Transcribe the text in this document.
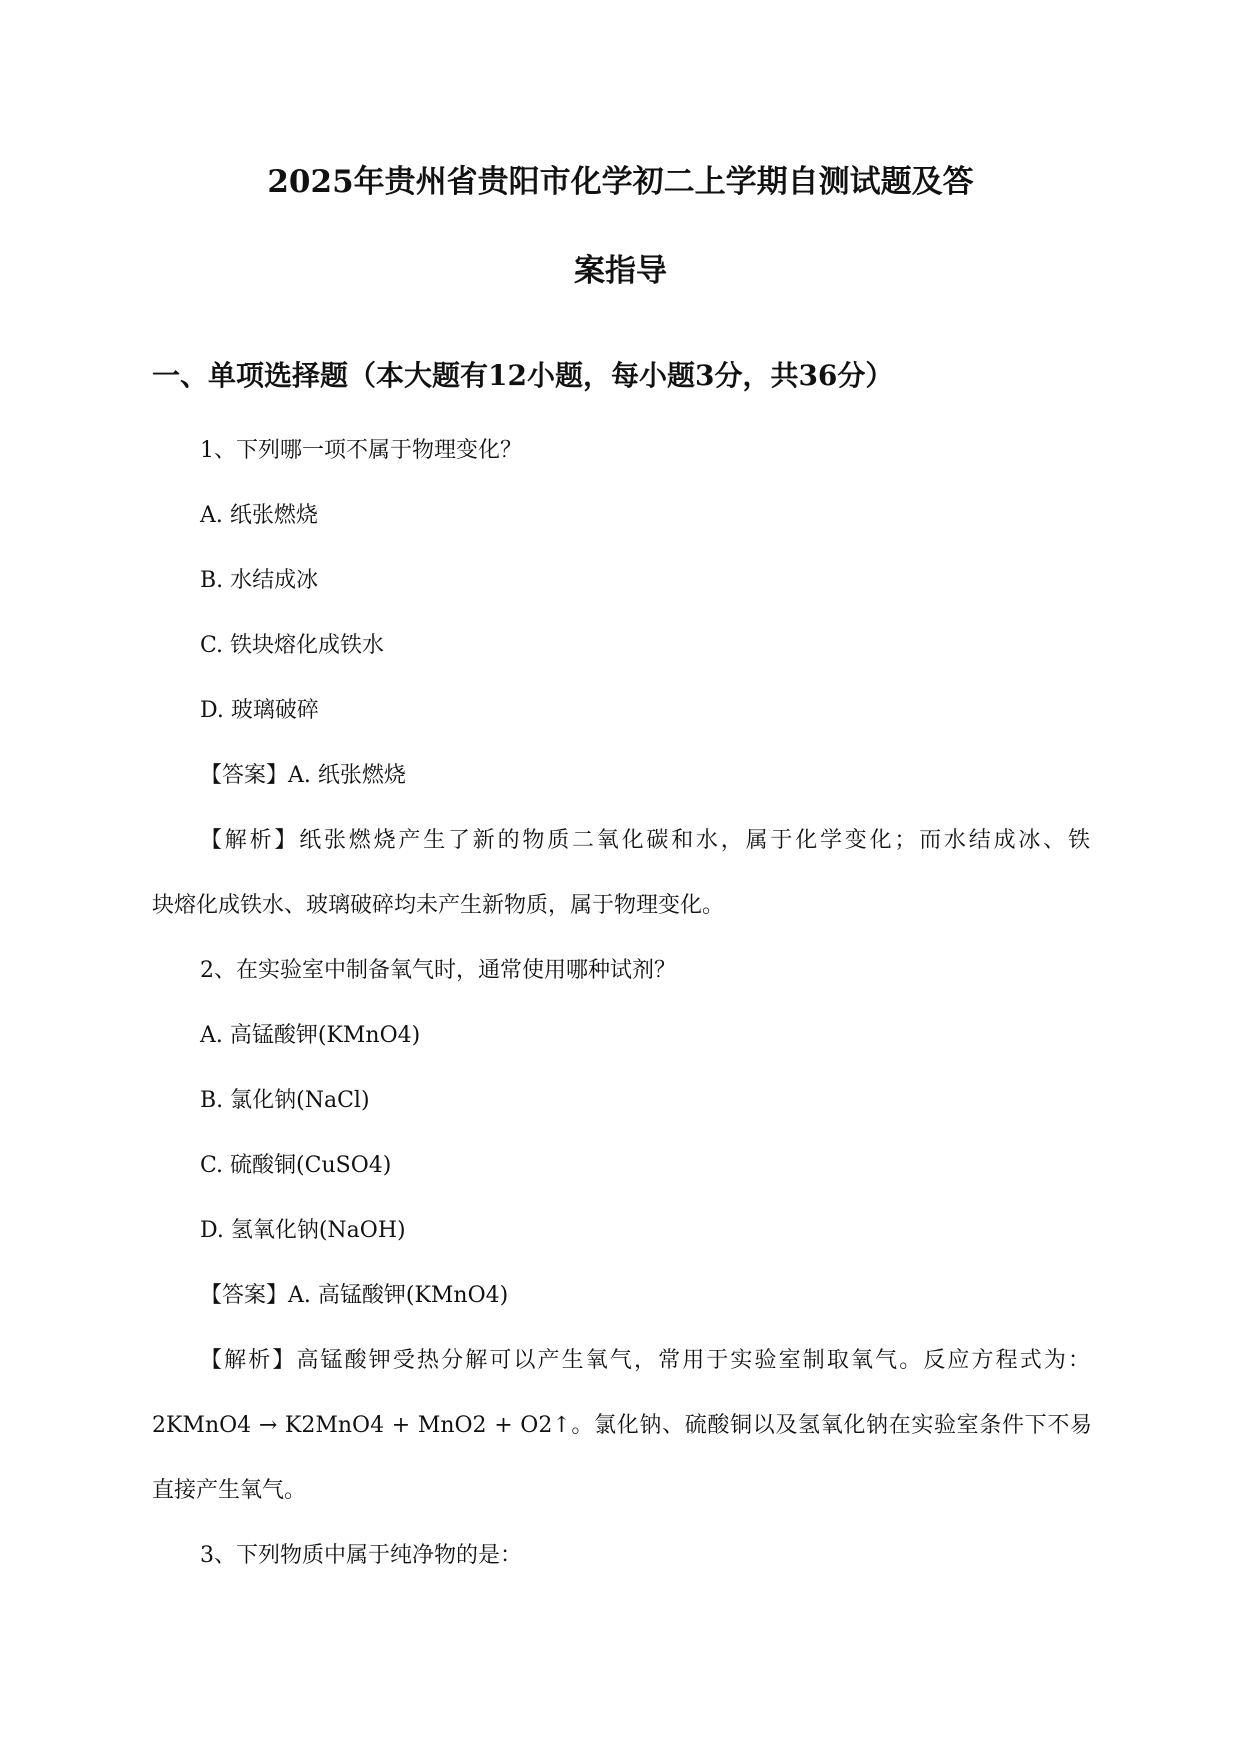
2025年贵州省贵阳市化学初二上学期自测试题及答
案指导
一、单项选择题（本大题有12小题，每小题3分，共36分）
1、下列哪一项不属于物理变化？
A. 纸张燃烧
B. 水结成冰
C. 铁块熔化成铁水
D. 玻璃破碎
【答案】A. 纸张燃烧
【解析】纸张燃烧产生了新的物质二氧化碳和水，属于化学变化；而水结成冰、铁
块熔化成铁水、玻璃破碎均未产生新物质，属于物理变化。
2、在实验室中制备氧气时，通常使用哪种试剂？
A. 高锰酸钾(KMnO4)
B. 氯化钠(NaCl)
C. 硫酸铜(CuSO4)
D. 氢氧化钠(NaOH)
【答案】A. 高锰酸钾(KMnO4)
【解析】高锰酸钾受热分解可以产生氧气，常用于实验室制取氧气。反应方程式为：
2KMnO4 → K2MnO4 + MnO2 + O2↑。氯化钠、硫酸铜以及氢氧化钠在实验室条件下不易
直接产生氧气。
3、下列物质中属于纯净物的是：
